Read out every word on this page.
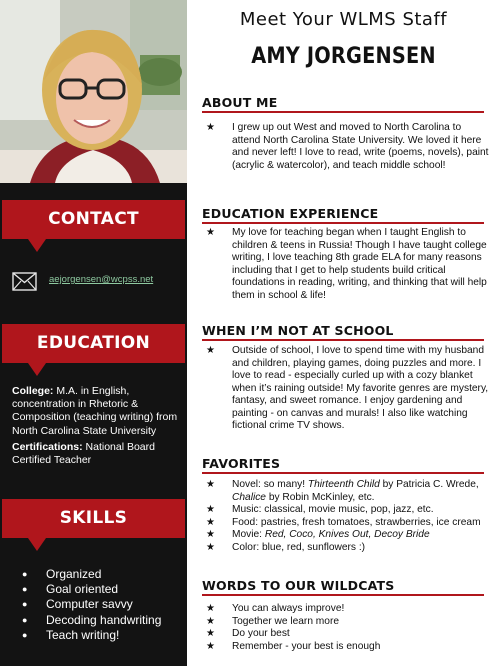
CONTACT
aejorgensen@wcpss.net
EDUCATION

College: M.A. in English, concentration in Rhetoric & Composition (teaching writing) from North Carolina State University

Certifications: National Board Certified Teacher

SKILLS
● Organized
● Goal oriented
● Computer savvy
● Decoding handwriting
● Teach writing!
Meet Your WLMS Staff
AMY JORGENSEN
ABOUT ME
★ I grew up out West and moved to North Carolina to attend North Carolina State University. We loved it here and never left! I love to read, write (poems, novels), paint (acrylic & watercolor), and teach middle school!
EDUCATION EXPERIENCE
★ My love for teaching began when I taught English to children & teens in Russia! Though I have taught college writing, I love teaching 8th grade ELA for many reasons including that I get to help students build critical foundations in reading, writing, and thinking that will help them in school & life!
WHEN I’M NOT AT SCHOOL
★ Outside of school, I love to spend time with my husband and children, playing games, doing puzzles and more. I love to read - especially curled up with a cozy blanket when it’s raining outside! My favorite genres are mystery, fantasy, and sweet romance. I enjoy gardening and painting - on canvas and murals! I also like watching fictional crime TV shows.
FAVORITES
★ Novel: so many! Thirteenth Child by Patricia C. Wrede, Chalice by Robin McKinley, etc.
★ Music: classical, movie music, pop, jazz, etc.
★ Food: pastries, fresh tomatoes, strawberries, ice cream
★ Movie: Red, Coco, Knives Out, Decoy Bride
★ Color: blue, red, sunflowers :)
WORDS TO OUR WILDCATS
★ You can always improve!
★ Together we learn more
★ Do your best
★ Remember - your best is enough
